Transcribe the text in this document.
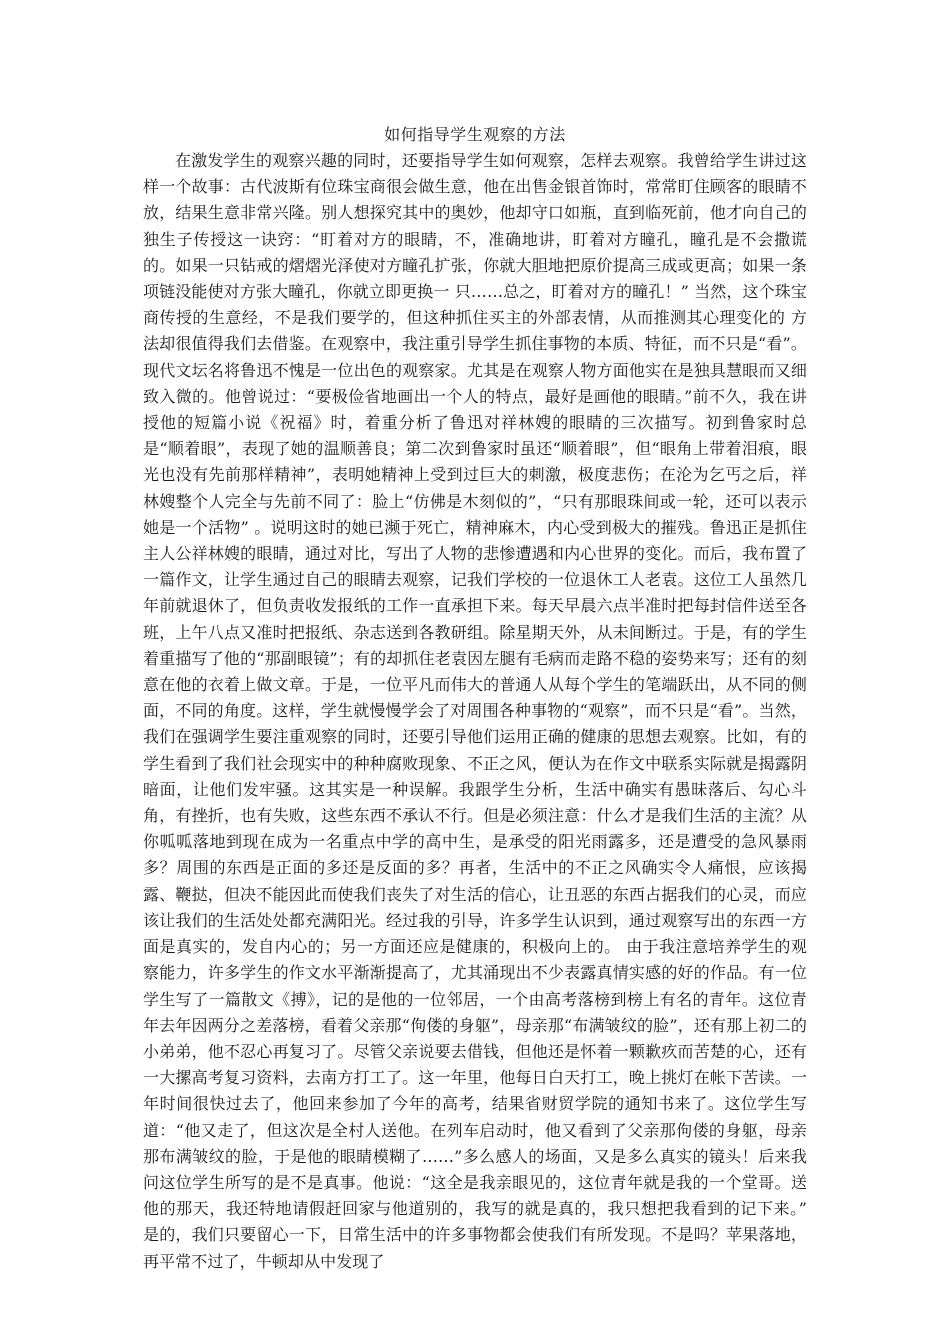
如何指导学生观察的方法

在激发学生的观察兴趣的同时，还要指导学生如何观察，怎样去观察。我曾给学生讲过这样一个故事：古代波斯有位珠宝商很会做生意，他在出售金银首饰时，常常盯住顾客的眼睛不放，结果生意非常兴隆。别人想探究其中的奥妙，他却守口如瓶，直到临死前，他才向自己的独生子传授这一诀窍：“盯着对方的眼睛，不，准确地讲，盯着对方瞳孔，瞳孔是不会撒谎的。如果一只钻戒的熠熠光泽使对方瞳孔扩张，你就大胆地把原价提高三成或更高；如果一条项链没能使对方张大瞳孔，你就立即更换一 只……总之，盯着对方的瞳孔！” 当然，这个珠宝商传授的生意经，不是我们要学的，但这种抓住买主的外部表情，从而推测其心理变化的 方法却很值得我们去借鉴。在观察中，我注重引导学生抓住事物的本质、特征，而不只是“看”。现代文坛名将鲁迅不愧是一位出色的观察家。尤其是在观察人物方面他实在是独具慧眼而又细致入微的。他曾说过：“要极俭省地画出一个人的特点，最好是画他的眼睛。”前不久，我在讲授他的短篇小说《祝福》时，着重分析了鲁迅对祥林嫂的眼睛的三次描写。初到鲁家时总是“顺着眼”，表现了她的温顺善良；第二次到鲁家时虽还“顺着眼”，但“眼角上带着泪痕，眼光也没有先前那样精神”，表明她精神上受到过巨大的刺激，极度悲伤；在沦为乞丐之后，祥林嫂整个人完全与先前不同了：脸上“仿佛是木刻似的”，“只有那眼珠间或一轮，还可以表示她是一个活物” 。说明这时的她已濒于死亡，精神麻木，内心受到极大的摧残。鲁迅正是抓住主人公祥林嫂的眼睛，通过对比，写出了人物的悲惨遭遇和内心世界的变化。而后，我布置了一篇作文，让学生通过自己的眼睛去观察，记我们学校的一位退休工人老袁。这位工人虽然几年前就退休了，但负责收发报纸的工作一直承担下来。每天早晨六点半准时把每封信件送至各班，上午八点又准时把报纸、杂志送到各教研组。除星期天外，从未间断过。于是，有的学生着重描写了他的“那副眼镜”；有的却抓住老袁因左腿有毛病而走路不稳的姿势来写；还有的刻意在他的衣着上做文章。于是，一位平凡而伟大的普通人从每个学生的笔端跃出，从不同的侧面，不同的角度。这样，学生就慢慢学会了对周围各种事物的“观察”，而不只是“看”。当然，我们在强调学生要注重观察的同时，还要引导他们运用正确的健康的思想去观察。比如，有的学生看到了我们社会现实中的种种腐败现象、不正之风，便认为在作文中联系实际就是揭露阴暗面，让他们发牢骚。这其实是一种误解。我跟学生分析，生活中确实有愚昧落后、勾心斗角，有挫折，也有失败，这些东西不承认不行。但是必须注意：什么才是我们生活的主流？从你呱呱落地到现在成为一名重点中学的高中生，是承受的阳光雨露多，还是遭受的急风暴雨多？周围的东西是正面的多还是反面的多？再者，生活中的不正之风确实令人痛恨，应该揭露、鞭挞，但决不能因此而使我们丧失了对生活的信心，让丑恶的东西占据我们的心灵，而应该让我们的生活处处都充满阳光。经过我的引导，许多学生认识到，通过观察写出的东西一方面是真实的，发自内心的；另一方面还应是健康的，积极向上的。 由于我注意培养学生的观察能力，许多学生的作文水平渐渐提高了，尤其涌现出不少表露真情实感的好的作品。有一位学生写了一篇散文《搏》，记的是他的一位邻居，一个由高考落榜到榜上有名的青年。这位青年去年因两分之差落榜，看着父亲那“佝偻的身躯”，母亲那“布满皱纹的脸”，还有那上初二的小弟弟，他不忍心再复习了。尽管父亲说要去借钱，但他还是怀着一颗歉疚而苦楚的心，还有一大摞高考复习资料，去南方打工了。这一年里，他每日白天打工，晚上挑灯在帐下苦读。一年时间很快过去了，他回来参加了今年的高考，结果省财贸学院的通知书来了。这位学生写道：“他又走了，但这次是全村人送他。在列车启动时，他又看到了父亲那佝偻的身躯，母亲那布满皱纹的脸，于是他的眼睛模糊了……”多么感人的场面，又是多么真实的镜头！后来我问这位学生所写的是不是真事。他说：“这全是我亲眼见的，这位青年就是我的一个堂哥。送他的那天，我还特地请假赶回家与他道别的，我写的就是真的，我只想把我看到的记下来。” 是的，我们只要留心一下，日常生活中的许多事物都会使我们有所发现。不是吗？苹果落地，再平常不过了，牛顿却从中发现了
